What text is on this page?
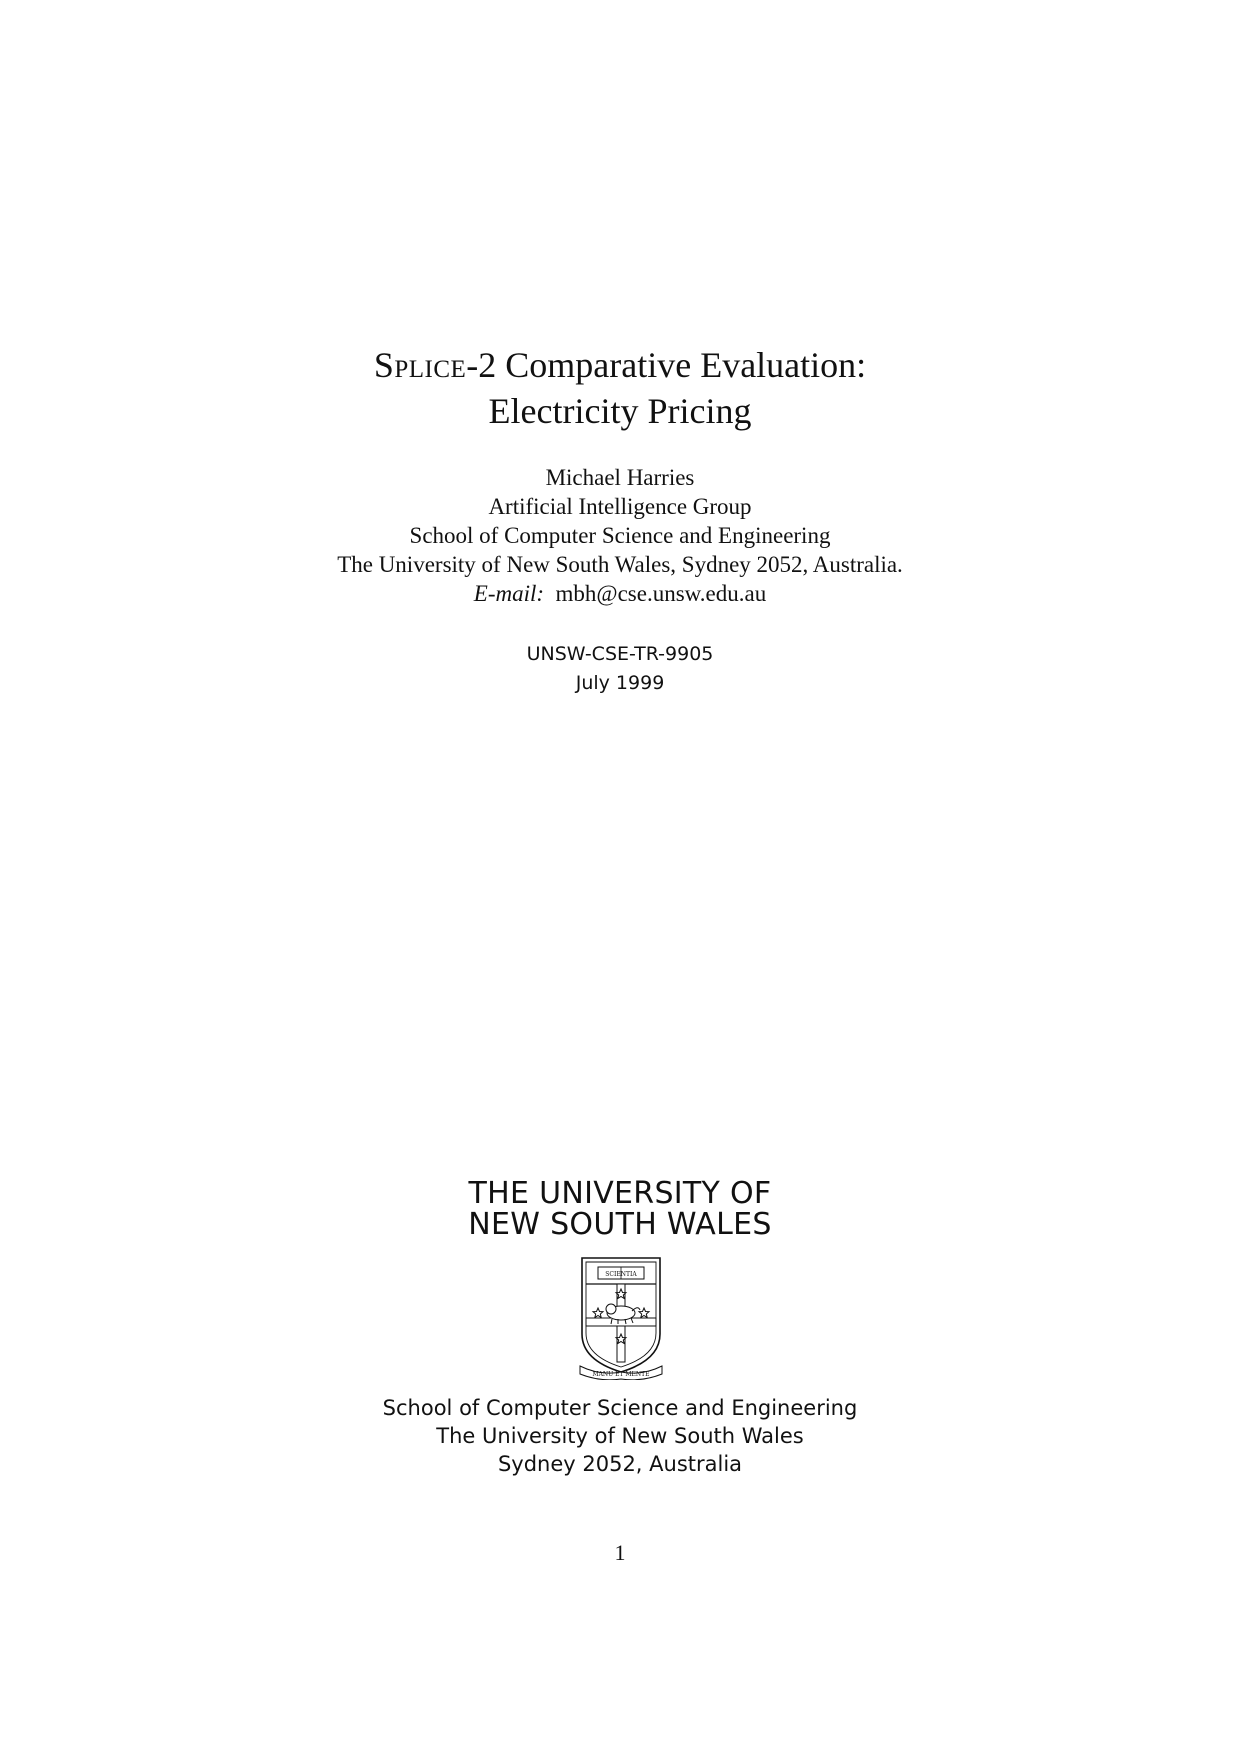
Splice-2 Comparative Evaluation:
Electricity Pricing

Michael Harries

Artificial Intelligence Group

School of Computer Science and Engineering

The University of New South Wales, Sydney 2052, Australia.

E-mail: mbh@cse.unsw.edu.au

UNSW-CSE-TR-9905

July 1999

THE UNIVERSITY OF

NEW SOUTH WALES

SCIENTIA
MANU ET MENTE

School of Computer Science and Engineering

The University of New South Wales

Sydney 2052, Australia

1
